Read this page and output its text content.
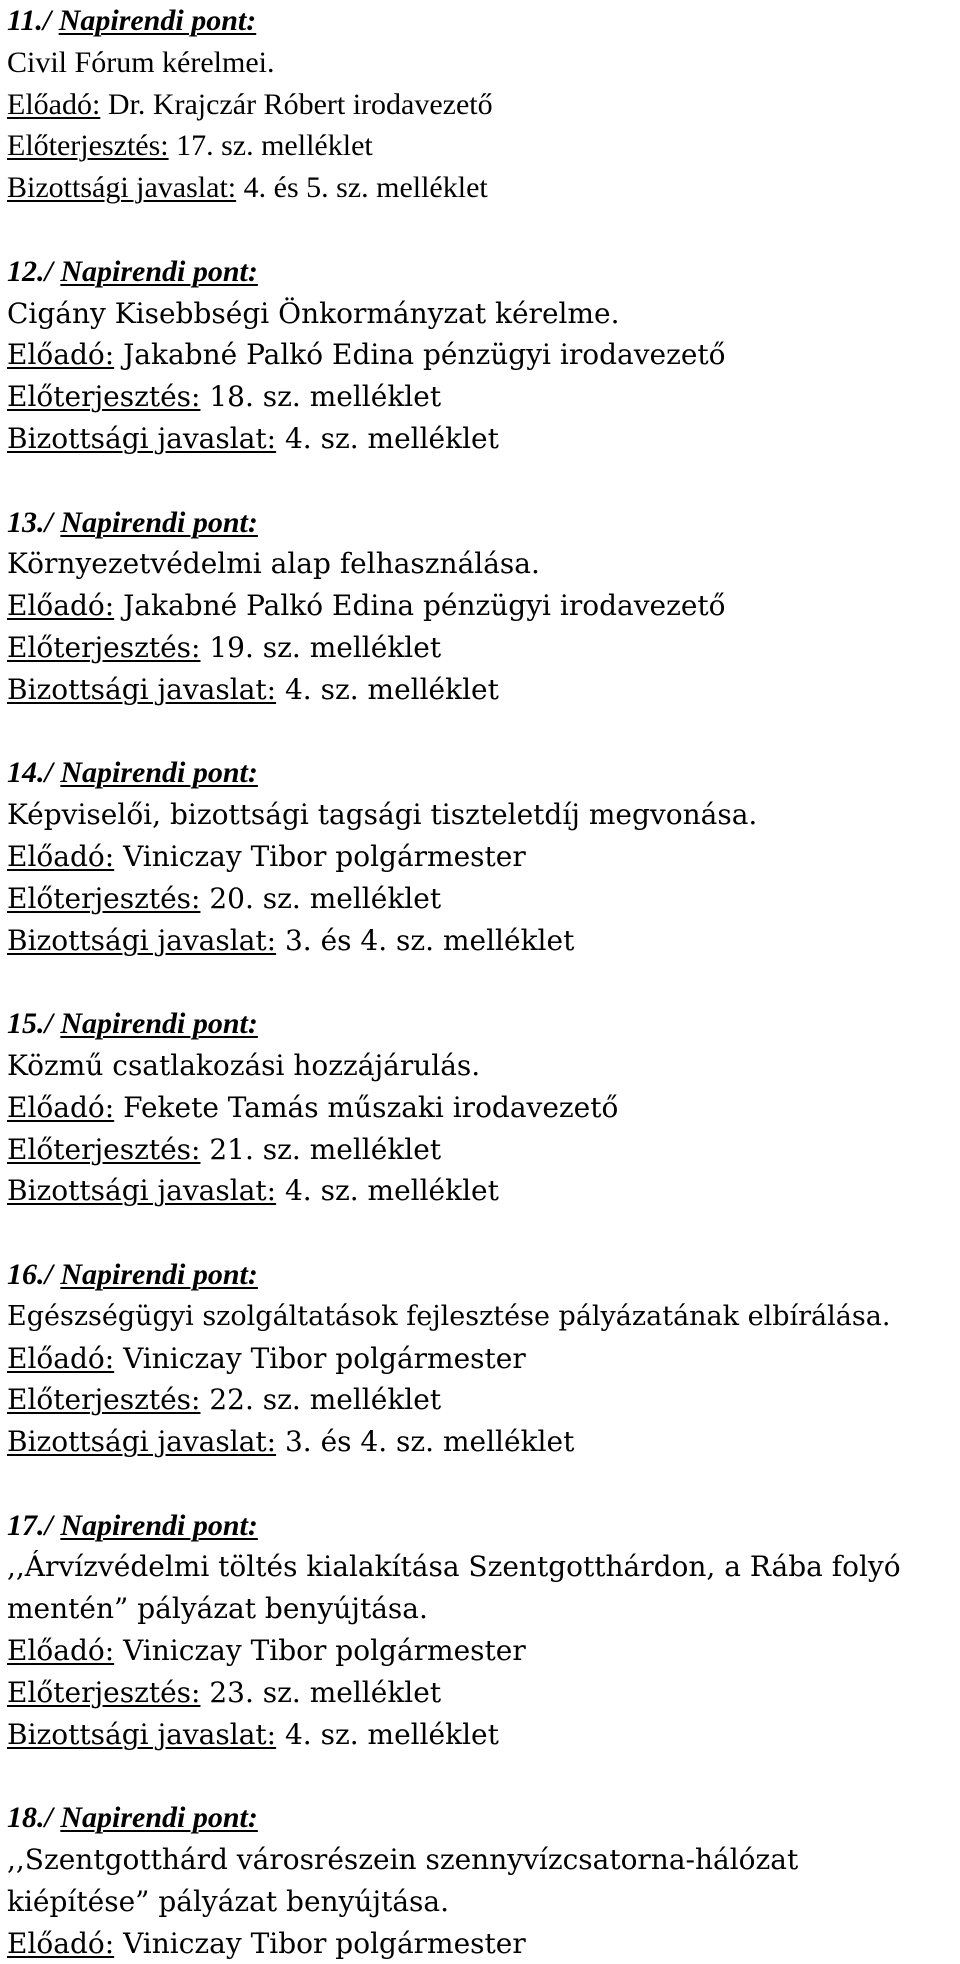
11./ Napirendi pont:
Civil Fórum kérelmei.
Előadó: Dr. Krajczár Róbert irodavezető
Előterjesztés: 17. sz. melléklet
Bizottsági javaslat: 4. és 5. sz. melléklet
12./ Napirendi pont:
Cigány Kisebbségi Önkormányzat kérelme.
Előadó: Jakabné Palkó Edina pénzügyi irodavezető
Előterjesztés: 18. sz. melléklet
Bizottsági javaslat: 4. sz. melléklet
13./ Napirendi pont:
Környezetvédelmi alap felhasználása.
Előadó: Jakabné Palkó Edina pénzügyi irodavezető
Előterjesztés: 19. sz. melléklet
Bizottsági javaslat: 4. sz. melléklet
14./ Napirendi pont:
Képviselői, bizottsági tagsági tiszteletdíj megvonása.
Előadó: Viniczay Tibor polgármester
Előterjesztés: 20. sz. melléklet
Bizottsági javaslat: 3. és 4. sz. melléklet
15./ Napirendi pont:
Közmű csatlakozási hozzájárulás.
Előadó: Fekete Tamás műszaki irodavezető
Előterjesztés: 21. sz. melléklet
Bizottsági javaslat: 4. sz. melléklet
16./ Napirendi pont:
Egészségügyi szolgáltatások fejlesztése pályázatának elbírálása.
Előadó: Viniczay Tibor polgármester
Előterjesztés: 22. sz. melléklet
Bizottsági javaslat: 3. és 4. sz. melléklet
17./ Napirendi pont:
,,Árvízvédelmi töltés kialakítása Szentgotthárdon, a Rába folyó mentén” pályázat benyújtása.
Előadó: Viniczay Tibor polgármester
Előterjesztés: 23. sz. melléklet
Bizottsági javaslat: 4. sz. melléklet
18./ Napirendi pont:
,,Szentgotthárd városrészein szennyvízcsatorna-hálózat kiépítése” pályázat benyújtása.
Előadó: Viniczay Tibor polgármester
